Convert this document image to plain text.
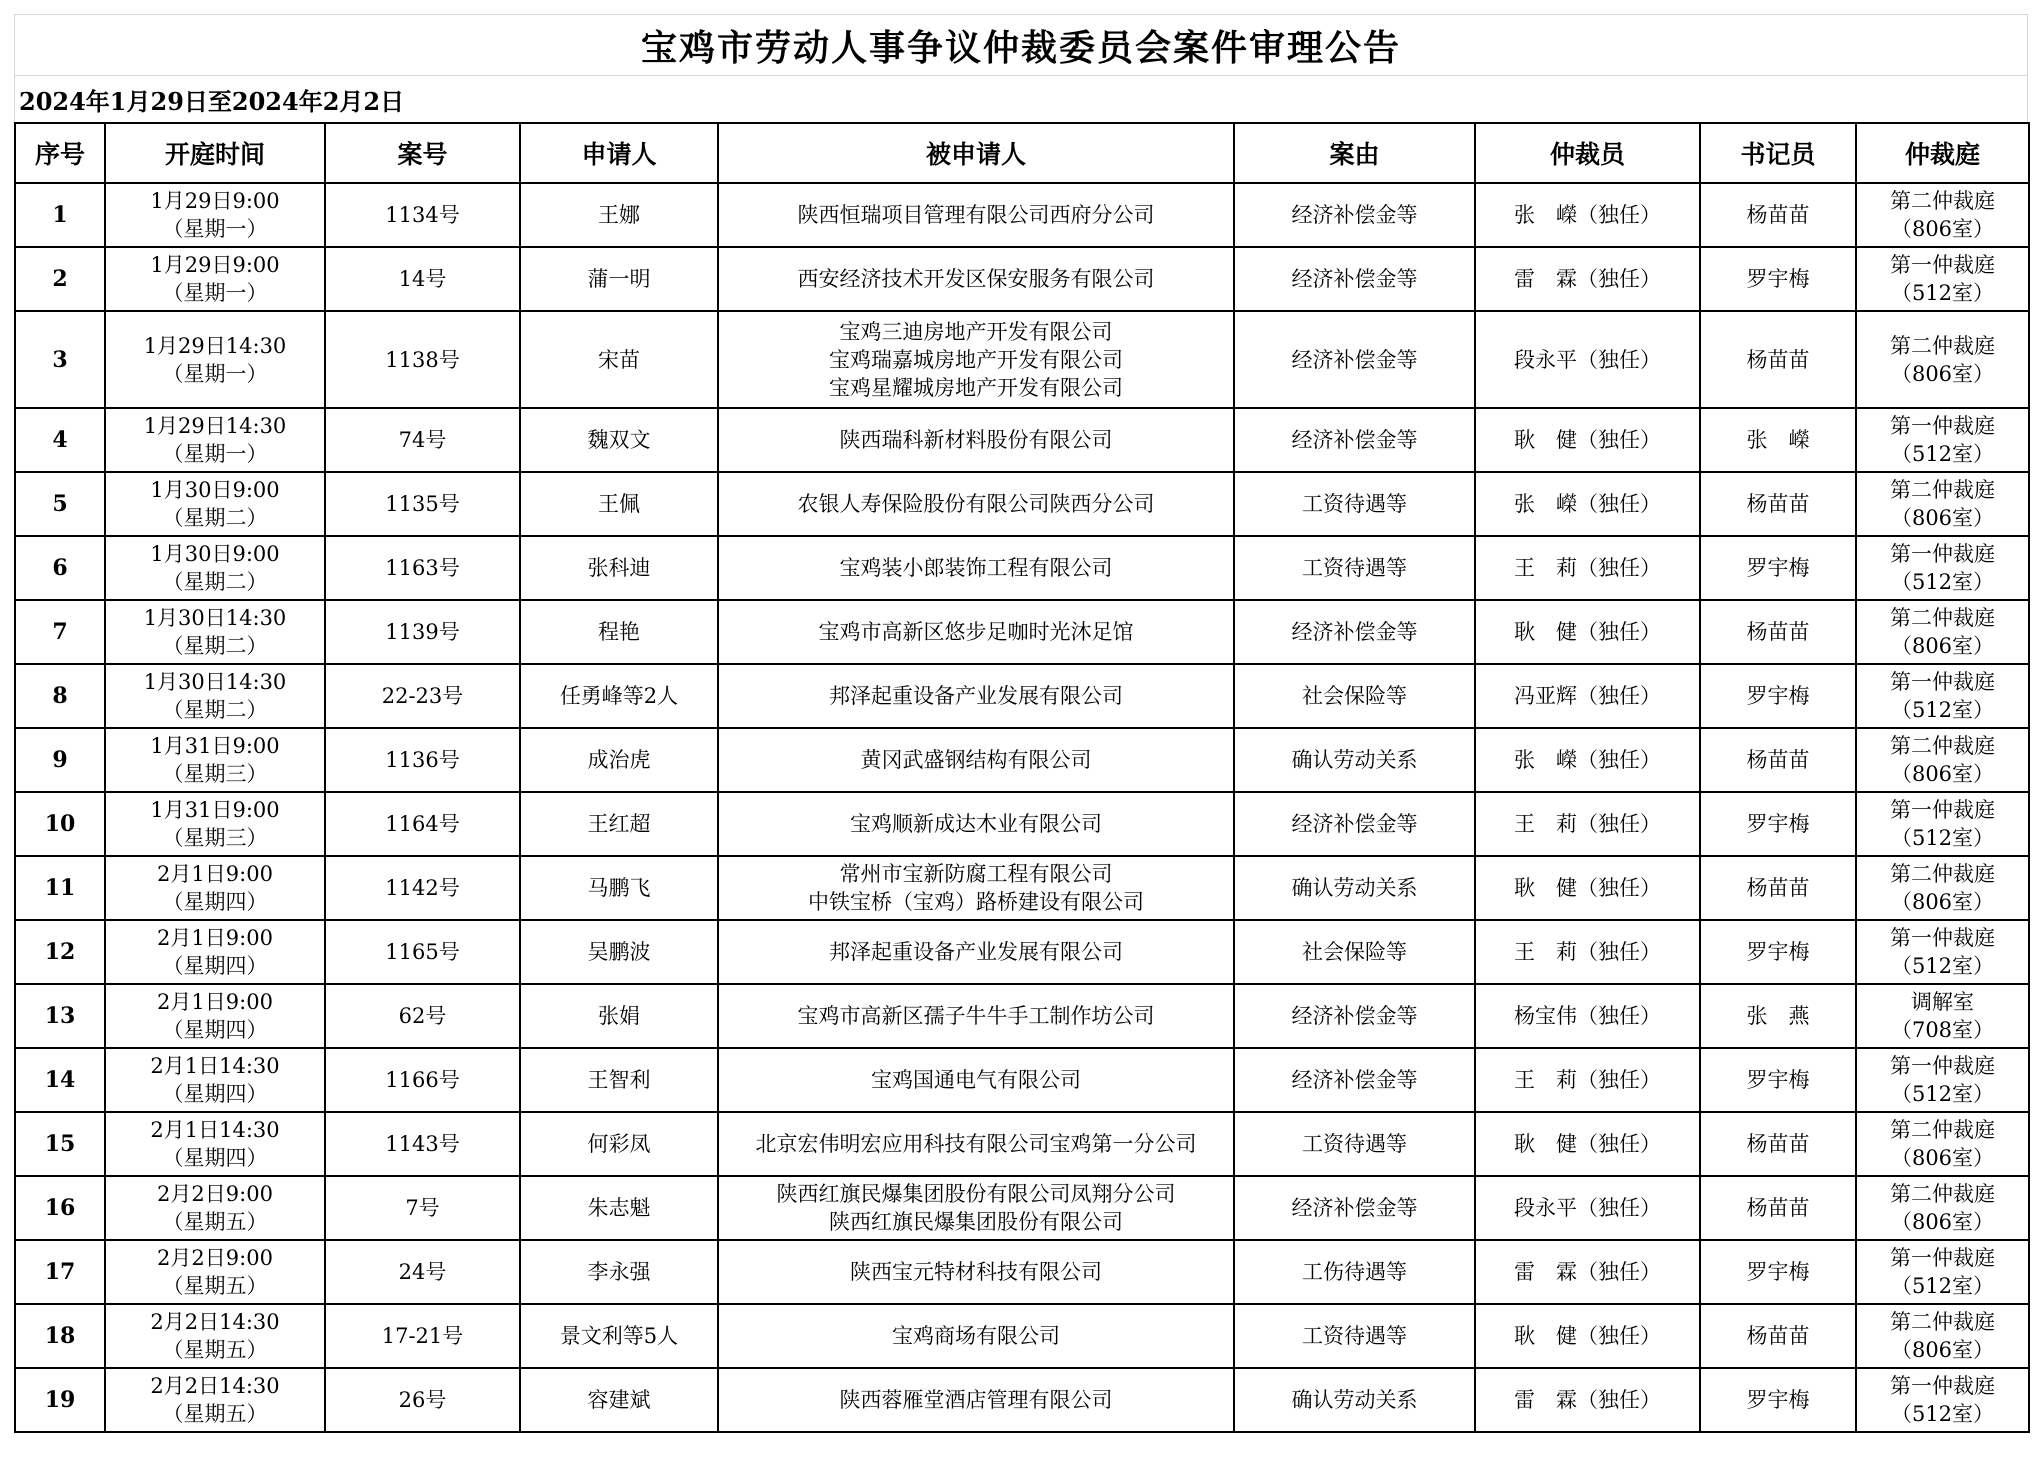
宝鸡市劳动人事争议仲裁委员会案件审理公告
2024年1月29日至2024年2月2日
序号	开庭时间	案号	申请人	被申请人	案由	仲裁员	书记员	仲裁庭
1	1月29日9:00
（星期一）	1134号	王娜	陕西恒瑞项目管理有限公司西府分公司	经济补偿金等	张　嶸（独任）	杨苗苗	第二仲裁庭
（806室）

2	1月29日9:00
（星期一）	14号	蒲一明	西安经济技术开发区保安服务有限公司	经济补偿金等	雷　霖（独任）	罗宇梅	第一仲裁庭
（512室）

3	1月29日14:30
（星期一）	1138号	宋苗	宝鸡三迪房地产开发有限公司
宝鸡瑞嘉城房地产开发有限公司
宝鸡星耀城房地产开发有限公司	经济补偿金等	段永平（独任）	杨苗苗	第二仲裁庭
（806室）

4	1月29日14:30
（星期一）	74号	魏双文	陕西瑞科新材料股份有限公司	经济补偿金等	耿　健（独任）	张　嶸	第一仲裁庭
（512室）

5	1月30日9:00
（星期二）	1135号	王佩	农银人寿保险股份有限公司陕西分公司	工资待遇等	张　嶸（独任）	杨苗苗	第二仲裁庭
（806室）

6	1月30日9:00
（星期二）	1163号	张科迪	宝鸡装小郎装饰工程有限公司	工资待遇等	王　莉（独任）	罗宇梅	第一仲裁庭
（512室）

7	1月30日14:30
（星期二）	1139号	程艳	宝鸡市高新区悠步足咖时光沐足馆	经济补偿金等	耿　健（独任）	杨苗苗	第二仲裁庭
（806室）

8	1月30日14:30
（星期二）	22-23号	任勇峰等2人	邦泽起重设备产业发展有限公司	社会保险等	冯亚辉（独任）	罗宇梅	第一仲裁庭
（512室）

9	1月31日9:00
（星期三）	1136号	成治虎	黄冈武盛钢结构有限公司	确认劳动关系	张　嶸（独任）	杨苗苗	第二仲裁庭
（806室）

10	1月31日9:00
（星期三）	1164号	王红超	宝鸡顺新成达木业有限公司	经济补偿金等	王　莉（独任）	罗宇梅	第一仲裁庭
（512室）

11	2月1日9:00
（星期四）	1142号	马鹏飞	常州市宝新防腐工程有限公司
中铁宝桥（宝鸡）路桥建设有限公司	确认劳动关系	耿　健（独任）	杨苗苗	第二仲裁庭
（806室）

12	2月1日9:00
（星期四）	1165号	吴鹏波	邦泽起重设备产业发展有限公司	社会保险等	王　莉（独任）	罗宇梅	第一仲裁庭
（512室）

13	2月1日9:00
（星期四）	62号	张娟	宝鸡市高新区孺子牛牛手工制作坊公司	经济补偿金等	杨宝伟（独任）	张　燕	调解室
（708室）

14	2月1日14:30
（星期四）	1166号	王智利	宝鸡国通电气有限公司	经济补偿金等	王　莉（独任）	罗宇梅	第一仲裁庭
（512室）

15	2月1日14:30
（星期四）	1143号	何彩凤	北京宏伟明宏应用科技有限公司宝鸡第一分公司	工资待遇等	耿　健（独任）	杨苗苗	第二仲裁庭
（806室）

16	2月2日9:00
（星期五）	7号	朱志魁	陕西红旗民爆集团股份有限公司凤翔分公司
陕西红旗民爆集团股份有限公司	经济补偿金等	段永平（独任）	杨苗苗	第二仲裁庭
（806室）

17	2月2日9:00
（星期五）	24号	李永强	陕西宝元特材科技有限公司	工伤待遇等	雷　霖（独任）	罗宇梅	第一仲裁庭
（512室）

18	2月2日14:30
（星期五）	17-21号	景文利等5人	宝鸡商场有限公司	工资待遇等	耿　健（独任）	杨苗苗	第二仲裁庭
（806室）

19	2月2日14:30
（星期五）	26号	容建斌	陕西蓉雁堂酒店管理有限公司	确认劳动关系	雷　霖（独任）	罗宇梅	第一仲裁庭
（512室）
